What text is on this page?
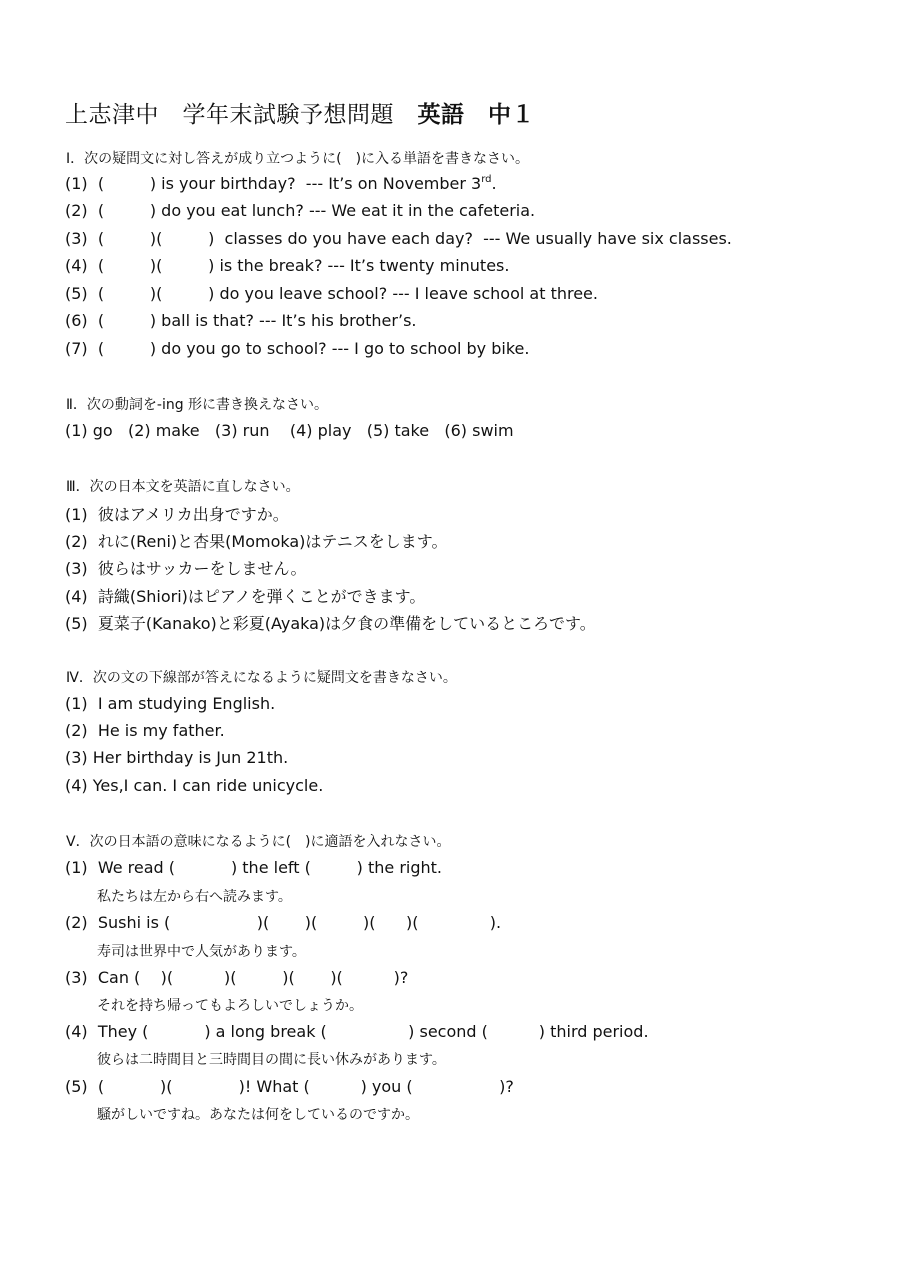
上志津中　学年末試験予想問題　英語　中１
Ⅰ．次の疑問文に対し答えが成り立つように(　)に入る単語を書きなさい。
(1)  (         ) is your birthday?  --- It’s on November 3rd.
(2)  (         ) do you eat lunch? --- We eat it in the cafeteria.
(3)  (         )(         )  classes do you have each day?  --- We usually have six classes.
(4)  (         )(         ) is the break? --- It’s twenty minutes.
(5)  (         )(         ) do you leave school? --- I leave school at three.
(6)  (         ) ball is that? --- It’s his brother’s.
(7)  (         ) do you go to school? --- I go to school by bike.
Ⅱ．次の動詞を-ing 形に書き換えなさい。
(1) go   (2) make   (3) run    (4) play   (5) take   (6) swim
Ⅲ．次の日本文を英語に直しなさい。
(1)  彼はアメリカ出身ですか。
(2)  れに(Reni)と杏果(Momoka)はテニスをします。
(3)  彼らはサッカーをしません。
(4)  詩織(Shiori)はピアノを弾くことができます。
(5)  夏菜子(Kanako)と彩夏(Ayaka)は夕食の準備をしているところです。
Ⅳ．次の文の下線部が答えになるように疑問文を書きなさい。
(1)  I am studying English.
(2)  He is my father.
(3) Her birthday is Jun 21th.
(4) Yes,I can. I can ride unicycle.
Ⅴ．次の日本語の意味になるように(　)に適語を入れなさい。
(1)  We read (           ) the left (         ) the right.
私たちは左から右へ読みます。
(2)  Sushi is (                 )(       )(         )(      )(              ).
寿司は世界中で人気があります。
(3)  Can (    )(          )(         )(       )(          )?
それを持ち帰ってもよろしいでしょうか。
(4)  They (           ) a long break (                ) second (          ) third period.
彼らは二時間目と三時間目の間に長い休みがあります。
(5)  (           )(             )! What (          ) you (                 )?
騒がしいですね。あなたは何をしているのですか。
